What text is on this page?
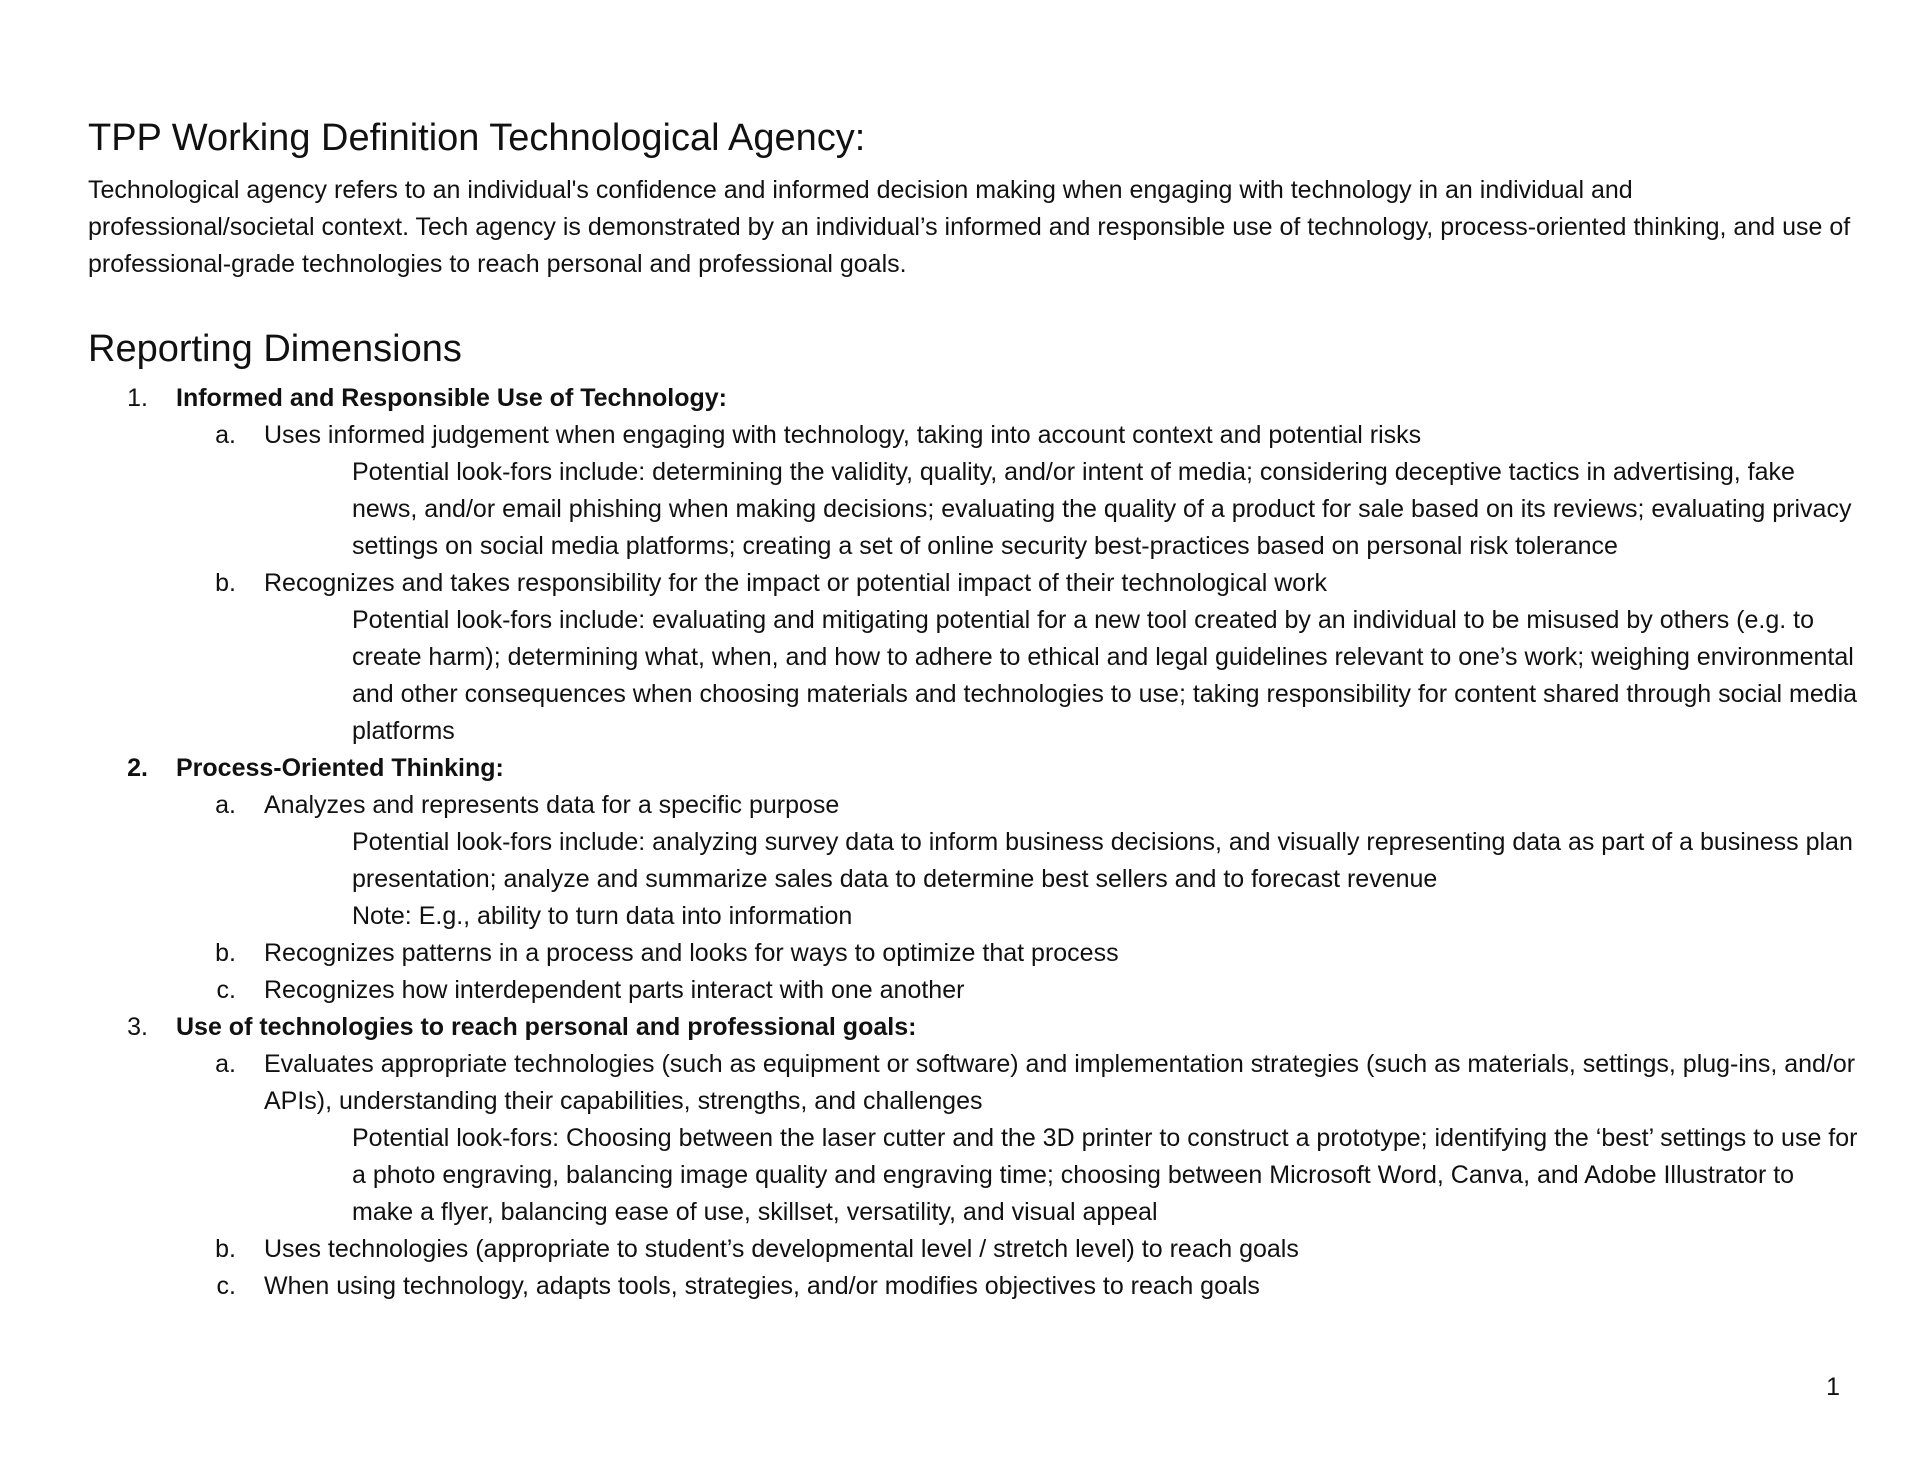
TPP Working Definition Technological Agency:

Technological agency refers to an individual's confidence and informed decision making when engaging with technology in an individual and professional/societal context. Tech agency is demonstrated by an individual’s informed and responsible use of technology, process-oriented thinking, and use of professional-grade technologies to reach personal and professional goals.

Reporting Dimensions
1. Informed and Responsible Use of Technology:
a. Uses informed judgement when engaging with technology, taking into account context and potential risks
Potential look-fors include: determining the validity, quality, and/or intent of media; considering deceptive tactics in advertising, fake news, and/or email phishing when making decisions; evaluating the quality of a product for sale based on its reviews; evaluating privacy settings on social media platforms; creating a set of online security best-practices based on personal risk tolerance
b. Recognizes and takes responsibility for the impact or potential impact of their technological work
Potential look-fors include: evaluating and mitigating potential for a new tool created by an individual to be misused by others (e.g. to create harm); determining what, when, and how to adhere to ethical and legal guidelines relevant to one’s work; weighing environmental and other consequences when choosing materials and technologies to use; taking responsibility for content shared through social media platforms
2. Process-Oriented Thinking:
a. Analyzes and represents data for a specific purpose
Potential look-fors include: analyzing survey data to inform business decisions, and visually representing data as part of a business plan presentation; analyze and summarize sales data to determine best sellers and to forecast revenue
Note: E.g., ability to turn data into information
b. Recognizes patterns in a process and looks for ways to optimize that process
c. Recognizes how interdependent parts interact with one another
3. Use of technologies to reach personal and professional goals:
a. Evaluates appropriate technologies (such as equipment or software) and implementation strategies (such as materials, settings, plug-ins, and/or APIs), understanding their capabilities, strengths, and challenges
Potential look-fors: Choosing between the laser cutter and the 3D printer to construct a prototype; identifying the ‘best’ settings to use for a photo engraving, balancing image quality and engraving time; choosing between Microsoft Word, Canva, and Adobe Illustrator to make a flyer, balancing ease of use, skillset, versatility, and visual appeal
b. Uses technologies (appropriate to student’s developmental level / stretch level) to reach goals
c. When using technology, adapts tools, strategies, and/or modifies objectives to reach goals
1
